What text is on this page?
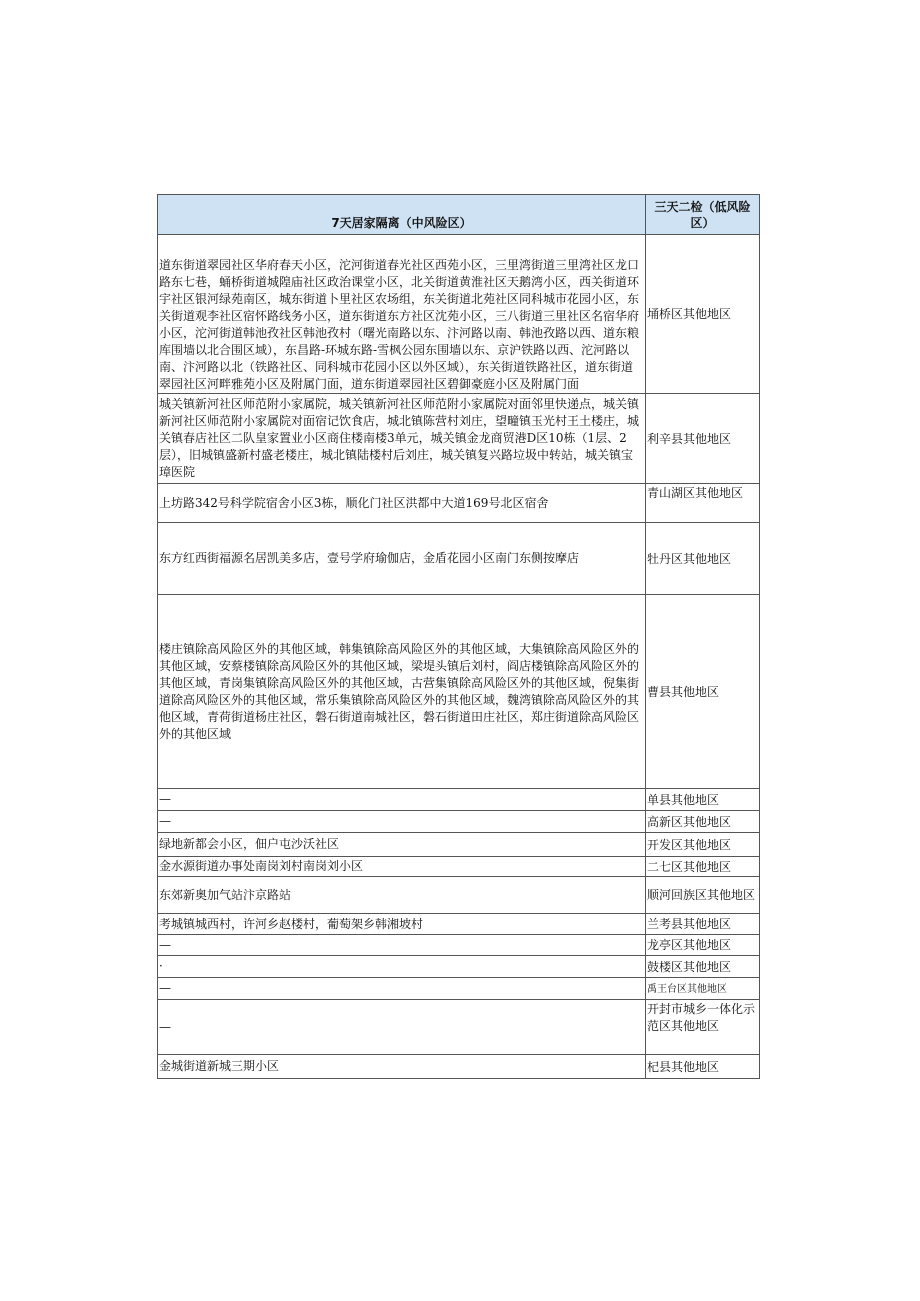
7天居家隔离（中风险区）	三天二检（低风险区）
道东街道翠园社区华府春天小区，沱河街道春光社区西苑小区，三里湾街道三里湾社区龙口路东七巷，蛹桥街道城隍庙社区政治课堂小区，北关街道黄淮社区天鹅湾小区，西关街道环宇社区银河绿苑南区，城东街道卜里社区农场组，东关街道北苑社区同科城市花园小区，东关街道观李社区宿怀路线务小区，道东街道东方社区沈苑小区，三八街道三里社区名宿华府小区，沱河街道韩池孜社区韩池孜村（曙光南路以东、汴河路以南、韩池孜路以西、道东粮库围墙以北合围区域），东昌路-环城东路-雪枫公园东围墙以东、京沪铁路以西、沱河路以南、汴河路以北（铁路社区、同科城市花园小区以外区域），东关街道铁路社区，道东街道翠园社区河畔雅苑小区及附属门面，道东街道翠园社区碧御豪庭小区及附属门面	埇桥区其他地区
城关镇新河社区师范附小家属院，城关镇新河社区师范附小家属院对面邻里快递点，城关镇新河社区师范附小家属院对面宿记饮食店，城北镇陈营村刘庄，望疃镇玉光村王土楼庄，城关镇春店社区二队皇家置业小区商住楼南楼3单元，城关镇金龙商贸港D区10栋（1层、2层），旧城镇盛新村盛老楼庄，城北镇陆楼村后刘庄，城关镇复兴路垃圾中转站，城关镇宝璋医院	利辛县其他地区
上坊路342号科学院宿舍小区3栋，顺化门社区洪都中大道169号北区宿舍	青山湖区其他地区
东方红西街福源名居凯美多店，壹号学府瑜伽店，金盾花园小区南门东侧按摩店	牡丹区其他地区
楼庄镇除高风险区外的其他区域，韩集镇除高风险区外的其他区域，大集镇除高风险区外的其他区域，安蔡楼镇除高风险区外的其他区域，梁堤头镇后刘村，阎店楼镇除高风险区外的其他区域，青岗集镇除高风险区外的其他区域，古营集镇除高风险区外的其他区域，倪集街道除高风险区外的其他区域，常乐集镇除高风险区外的其他区域，魏湾镇除高风险区外的其他区域，青荷街道杨庄社区，磐石街道南城社区，磐石街道田庄社区，郑庄街道除高风险区外的其他区域	曹县其他地区
—	单县其他地区
—	高新区其他地区
绿地新都会小区，佃户屯沙沃社区	开发区其他地区
金水源街道办事处南岗刘村南岗刘小区	二七区其他地区
东郊新奥加气站汴京路站	顺河回族区其他地区
考城镇城西村，许河乡赵楼村，葡萄架乡韩湘坡村	兰考县其他地区
—	龙亭区其他地区
·	鼓楼区其他地区
—	禹王台区其他地区
—	开封市城乡一体化示范区其他地区
金城街道新城三期小区	杞县其他地区
